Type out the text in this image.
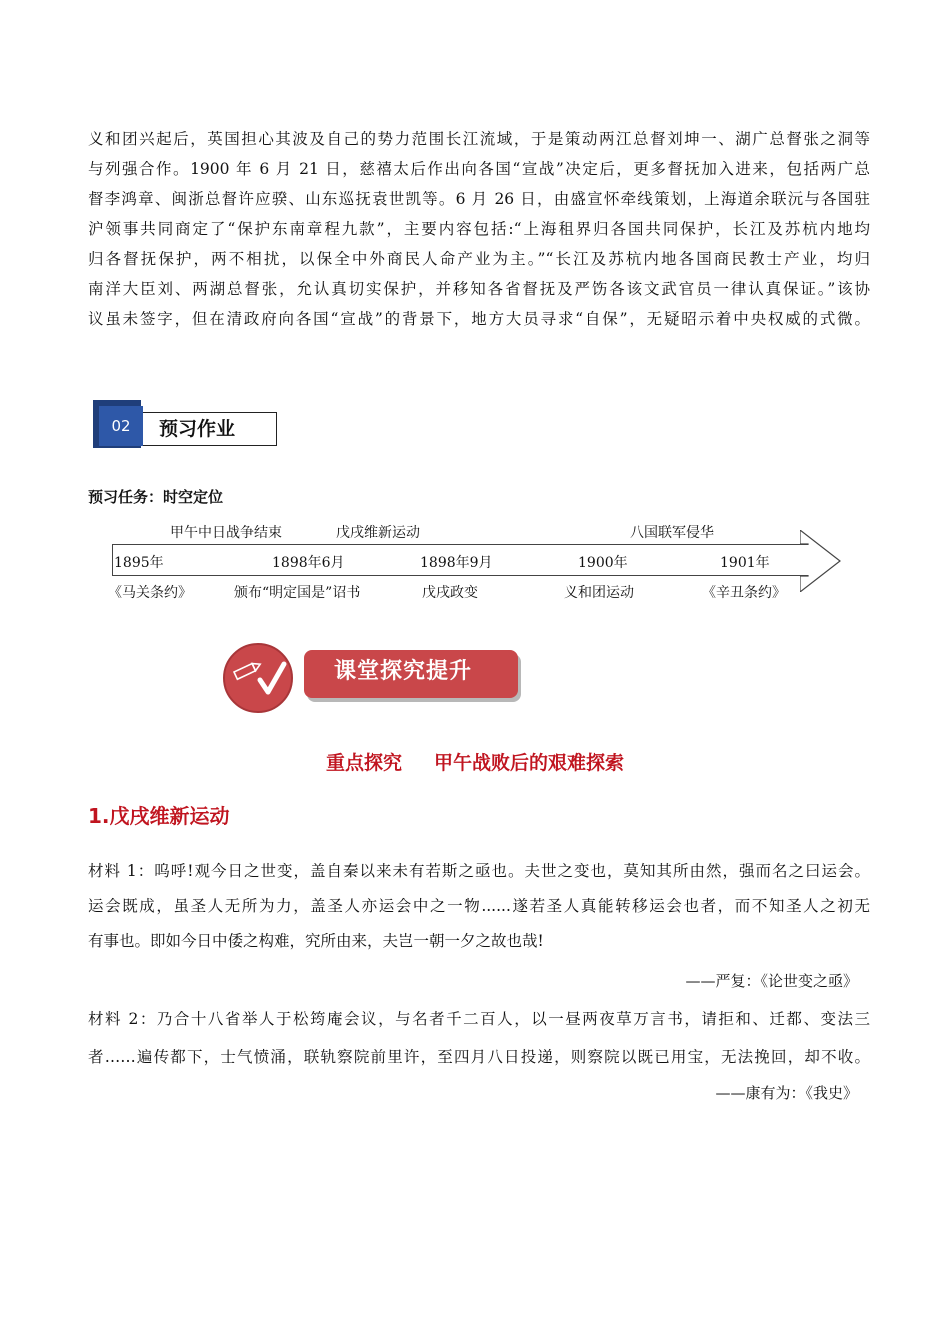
义和团兴起后，英国担心其波及自己的势力范围长江流域，于是策动两江总督刘坤一、湖广总督张之洞等
与列强合作。1900 年 6 月 21 日，慈禧太后作出向各国“宣战”决定后，更多督抚加入进来，包括两广总
督李鸿章、闽浙总督许应骙、山东巡抚袁世凯等。6 月 26 日，由盛宣怀牵线策划，上海道余联沅与各国驻
沪领事共同商定了“保护东南章程九款”，主要内容包括:“上海租界归各国共同保护，长江及苏杭内地均
归各督抚保护，两不相扰，以保全中外商民人命产业为主。”“长江及苏杭内地各国商民教士产业，均归
南洋大臣刘、两湖总督张，允认真切实保护，并移知各省督抚及严饬各该文武官员一律认真保证。”该协
议虽未签字，但在清政府向各国“宣战”的背景下，地方大员寻求“自保”，无疑昭示着中央权威的式微。
02	预习作业
预习任务：时空定位
甲午中日战争结束	戊戌维新运动	八国联军侵华
1895年	1898年6月	1898年9月	1900年	1901年
《马关条约》	颁布“明定国是”诏书	戊戌政变	义和团运动	《辛丑条约》
课堂探究提升
重点探究 甲午战败后的艰难探索
1.戊戌维新运动
材料 1：呜呼!观今日之世变，盖自秦以来未有若斯之亟也。夫世之变也，莫知其所由然，强而名之曰运会。
运会既成，虽圣人无所为力，盖圣人亦运会中之一物......遂若圣人真能转移运会也者，而不知圣人之初无
有事也。即如今日中倭之构难，究所由来，夫岂一朝一夕之故也哉!
——严复：《论世变之亟》
材料 2：乃合十八省举人于松筠庵会议，与名者千二百人，以一昼两夜草万言书，请拒和、迁都、变法三
者……遍传都下，士气愤涌，联轨察院前里许，至四月八日投递，则察院以既已用宝，无法挽回，却不收。
——康有为：《我史》
